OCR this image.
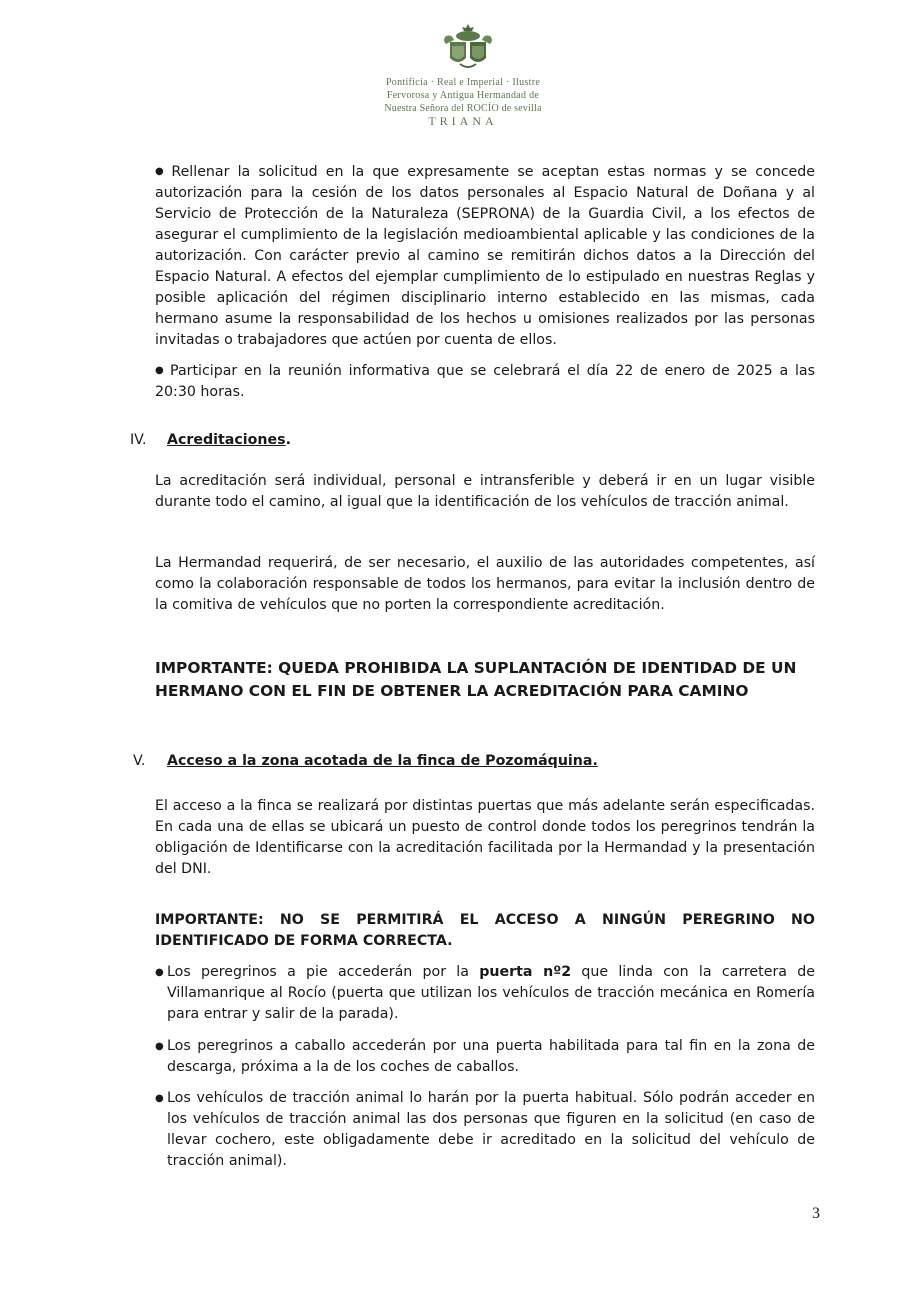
Pontificia · Real e Imperial · Ilustre
Fervorosa y Antigua Hermandad de
Nuestra Señora del ROCÍO de sevilla
TRIANA
● Rellenar la solicitud en la que expresamente se aceptan estas normas y se concede autorización para la cesión de los datos personales al Espacio Natural de Doñana y al Servicio de Protección de la Naturaleza (SEPRONA) de la Guardia Civil, a los efectos de asegurar el cumplimiento de la legislación medioambiental aplicable y las condiciones de la autorización. Con carácter previo al camino se remitirán dichos datos a la Dirección del Espacio Natural. A efectos del ejemplar cumplimiento de lo estipulado en nuestras Reglas y posible aplicación del régimen disciplinario interno establecido en las mismas, cada hermano asume la responsabilidad de los hechos u omisiones realizados por las personas invitadas o trabajadores que actúen por cuenta de ellos.
● Participar en la reunión informativa que se celebrará el día 22 de enero de 2025 a las 20:30 horas.
IV. Acreditaciones.
La acreditación será individual, personal e intransferible y deberá ir en un lugar visible durante todo el camino, al igual que la identificación de los vehículos de tracción animal.
La Hermandad requerirá, de ser necesario, el auxilio de las autoridades competentes, así como la colaboración responsable de todos los hermanos, para evitar la inclusión dentro de la comitiva de vehículos que no porten la correspondiente acreditación.
IMPORTANTE: QUEDA PROHIBIDA LA SUPLANTACIÓN DE IDENTIDAD DE UN
HERMANO CON EL FIN DE OBTENER LA ACREDITACIÓN PARA CAMINO
V. Acceso a la zona acotada de la finca de Pozomáquina.
El acceso a la finca se realizará por distintas puertas que más adelante serán especificadas. En cada una de ellas se ubicará un puesto de control donde todos los peregrinos tendrán la obligación de Identificarse con la acreditación facilitada por la Hermandad y la presentación del DNI.
IMPORTANTE: NO SE PERMITIRÁ EL ACCESO A NINGÚN PEREGRINO NO IDENTIFICADO DE FORMA CORRECTA.
● Los peregrinos a pie accederán por la puerta nº2 que linda con la carretera de Villamanrique al Rocío (puerta que utilizan los vehículos de tracción mecánica en Romería para entrar y salir de la parada).
● Los peregrinos a caballo accederán por una puerta habilitada para tal fin en la zona de descarga, próxima a la de los coches de caballos.
● Los vehículos de tracción animal lo harán por la puerta habitual. Sólo podrán acceder en los vehículos de tracción animal las dos personas que figuren en la solicitud (en caso de llevar cochero, este obligadamente debe ir acreditado en la solicitud del vehículo de tracción animal).
3
